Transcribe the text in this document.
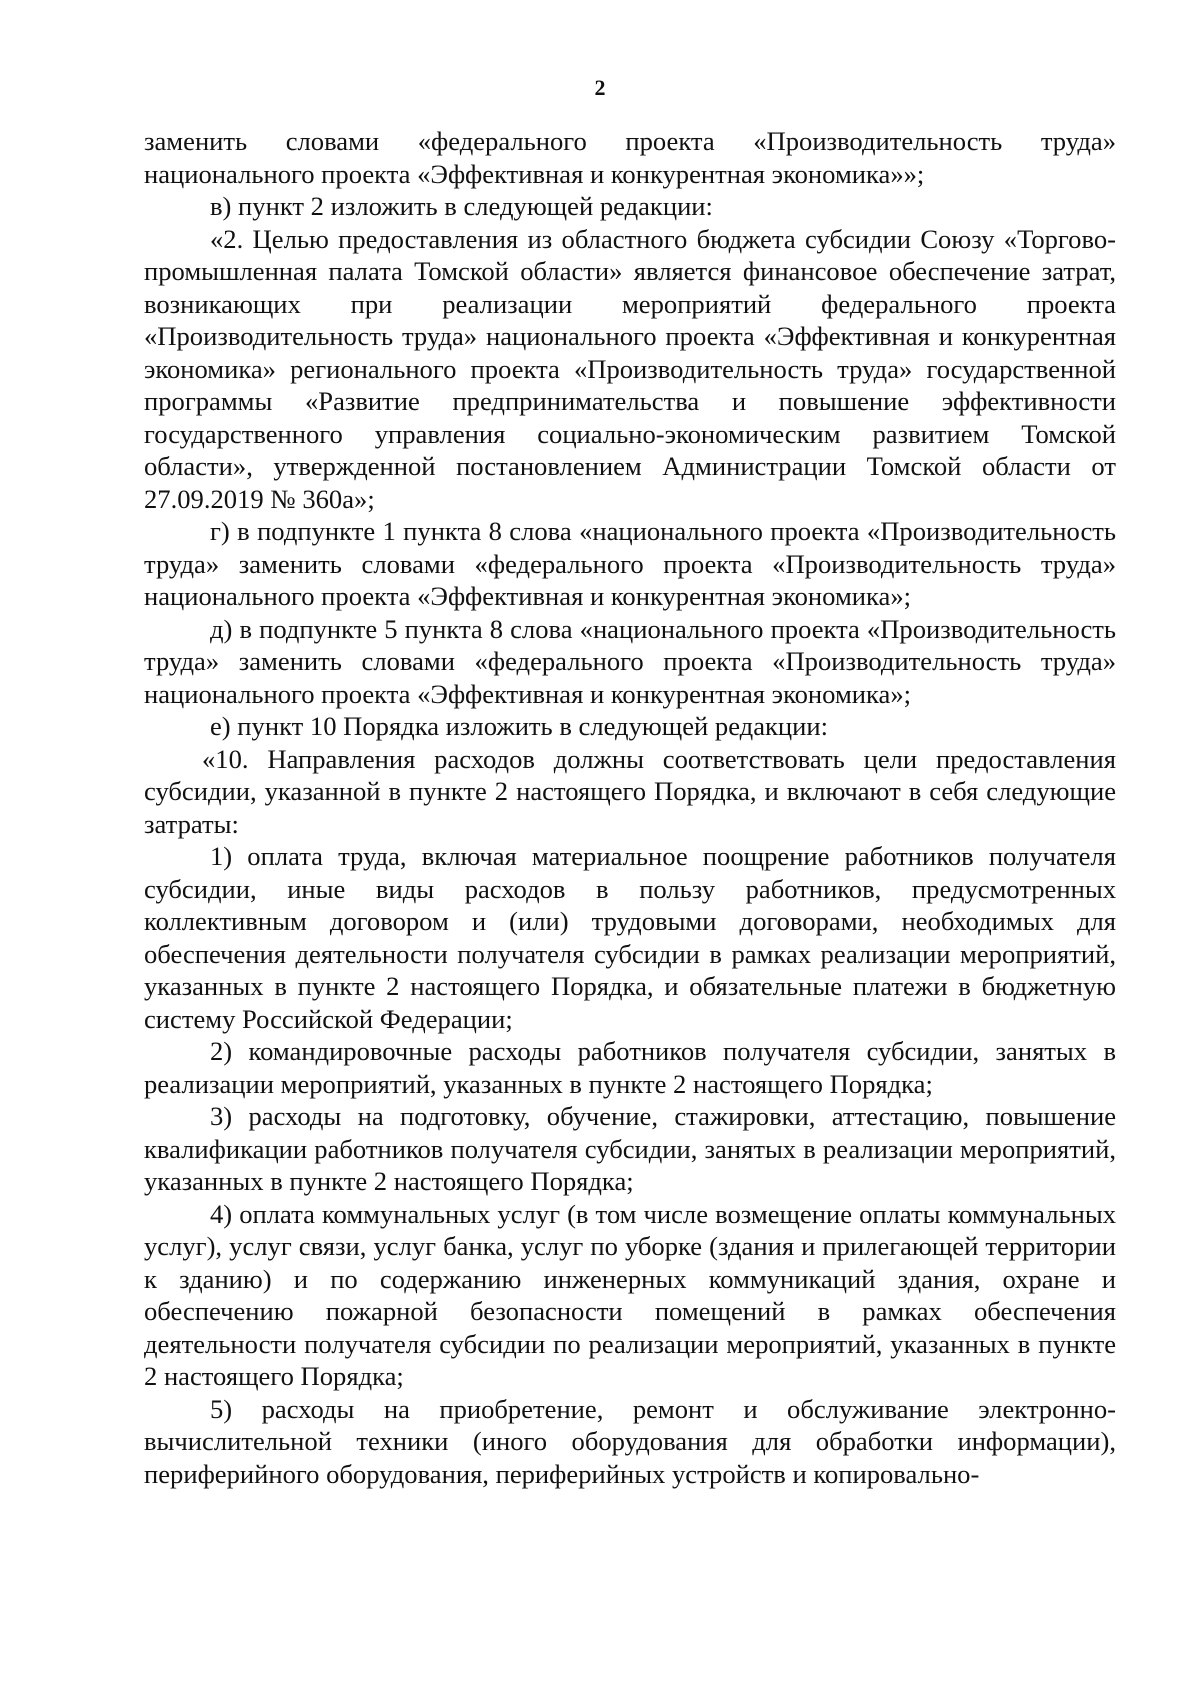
2

заменить словами «федерального проекта «Производительность труда» национального проекта «Эффективная и конкурентная экономика»»;

в) пункт 2 изложить в следующей редакции:

«2. Целью предоставления из областного бюджета субсидии Союзу «Торгово-промышленная палата Томской области» является финансовое обеспечение затрат, возникающих при реализации мероприятий федерального проекта «Производительность труда» национального проекта «Эффективная и конкурентная экономика» регионального проекта «Производительность труда» государственной программы «Развитие предпринимательства и повышение эффективности государственного управления социально-экономическим развитием Томской области», утвержденной постановлением Администрации Томской области от 27.09.2019 № 360а»;

г) в подпункте 1 пункта 8 слова «национального проекта «Производительность труда» заменить словами «федерального проекта «Производительность труда» национального проекта «Эффективная и конкурентная экономика»;

д) в подпункте 5 пункта 8 слова «национального проекта «Производительность труда» заменить словами «федерального проекта «Производительность труда» национального проекта «Эффективная и конкурентная экономика»;

е) пункт 10 Порядка изложить в следующей редакции:

«10. Направления расходов должны соответствовать цели предоставления субсидии, указанной в пункте 2 настоящего Порядка, и включают в себя следующие затраты:

1) оплата труда, включая материальное поощрение работников получателя субсидии, иные виды расходов в пользу работников, предусмотренных коллективным договором и (или) трудовыми договорами, необходимых для обеспечения деятельности получателя субсидии в рамках реализации мероприятий, указанных в пункте 2 настоящего Порядка, и обязательные платежи в бюджетную систему Российской Федерации;

2) командировочные расходы работников получателя субсидии, занятых в реализации мероприятий, указанных в пункте 2 настоящего Порядка;

3) расходы на подготовку, обучение, стажировки, аттестацию, повышение квалификации работников получателя субсидии, занятых в реализации мероприятий, указанных в пункте 2 настоящего Порядка;

4) оплата коммунальных услуг (в том числе возмещение оплаты коммунальных услуг), услуг связи, услуг банка, услуг по уборке (здания и прилегающей территории к зданию) и по содержанию инженерных коммуникаций здания, охране и обеспечению пожарной безопасности помещений в рамках обеспечения деятельности получателя субсидии по реализации мероприятий, указанных в пункте 2 настоящего Порядка;

5) расходы на приобретение, ремонт и обслуживание электронно-вычислительной техники (иного оборудования для обработки информации), периферийного оборудования, периферийных устройств и копировально-
